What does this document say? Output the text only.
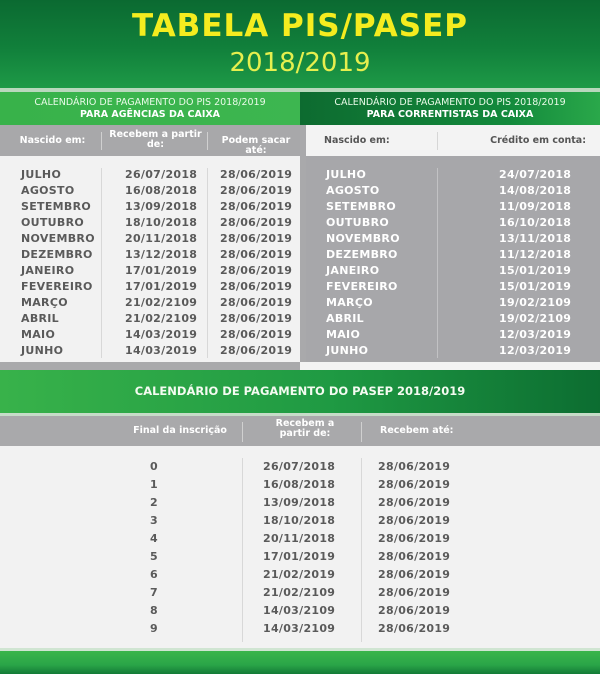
TABELA PIS/PASEP
2018/2019
CALENDÁRIO DE PAGAMENTO DO PIS 2018/2019
PARA AGÊNCIAS DA CAIXA
CALENDÁRIO DE PAGAMENTO DO PIS 2018/2019
PARA CORRENTISTAS DA CAIXA
Nascido em:
Recebem a partir de:	Podem sacar até:
Nascido em:	Crédito em conta:
JULHO	26/07/2018 28/06/2019
AGOSTO	16/08/2018 28/06/2019
SETEMBRO	13/09/2018 28/06/2019
OUTUBRO	18/10/2018 28/06/2019
NOVEMBRO	20/11/2018 28/06/2019
DEZEMBRO	13/12/2018 28/06/2019
JANEIRO	17/01/2019 28/06/2019
FEVEREIRO	17/01/2019 28/06/2019
MARÇO	21/02/2109 28/06/2019
ABRIL	21/02/2109 28/06/2019
MAIO	14/03/2019 28/06/2019
JUNHO	14/03/2019 28/06/2019
JULHO	24/07/2018
AGOSTO	14/08/2018
SETEMBRO	11/09/2018
OUTUBRO	16/10/2018
NOVEMBRO	13/11/2018
DEZEMBRO	11/12/2018
JANEIRO	15/01/2019
FEVEREIRO	15/01/2019
MARÇO	19/02/2109
ABRIL	19/02/2109
MAIO	12/03/2019
JUNHO	12/03/2019
CALENDÁRIO DE PAGAMENTO DO PASEP 2018/2019
Final da inscrição
Recebem a partir de:	Recebem até:
0	26/07/2018	28/06/2019
1	16/08/2018	28/06/2019
2	13/09/2018	28/06/2019
3	18/10/2018	28/06/2019
4	20/11/2018	28/06/2019
5	17/01/2019	28/06/2019
6	21/02/2019	28/06/2019
7	21/02/2109	28/06/2019
8	14/03/2109	28/06/2019
9	14/03/2109	28/06/2019
